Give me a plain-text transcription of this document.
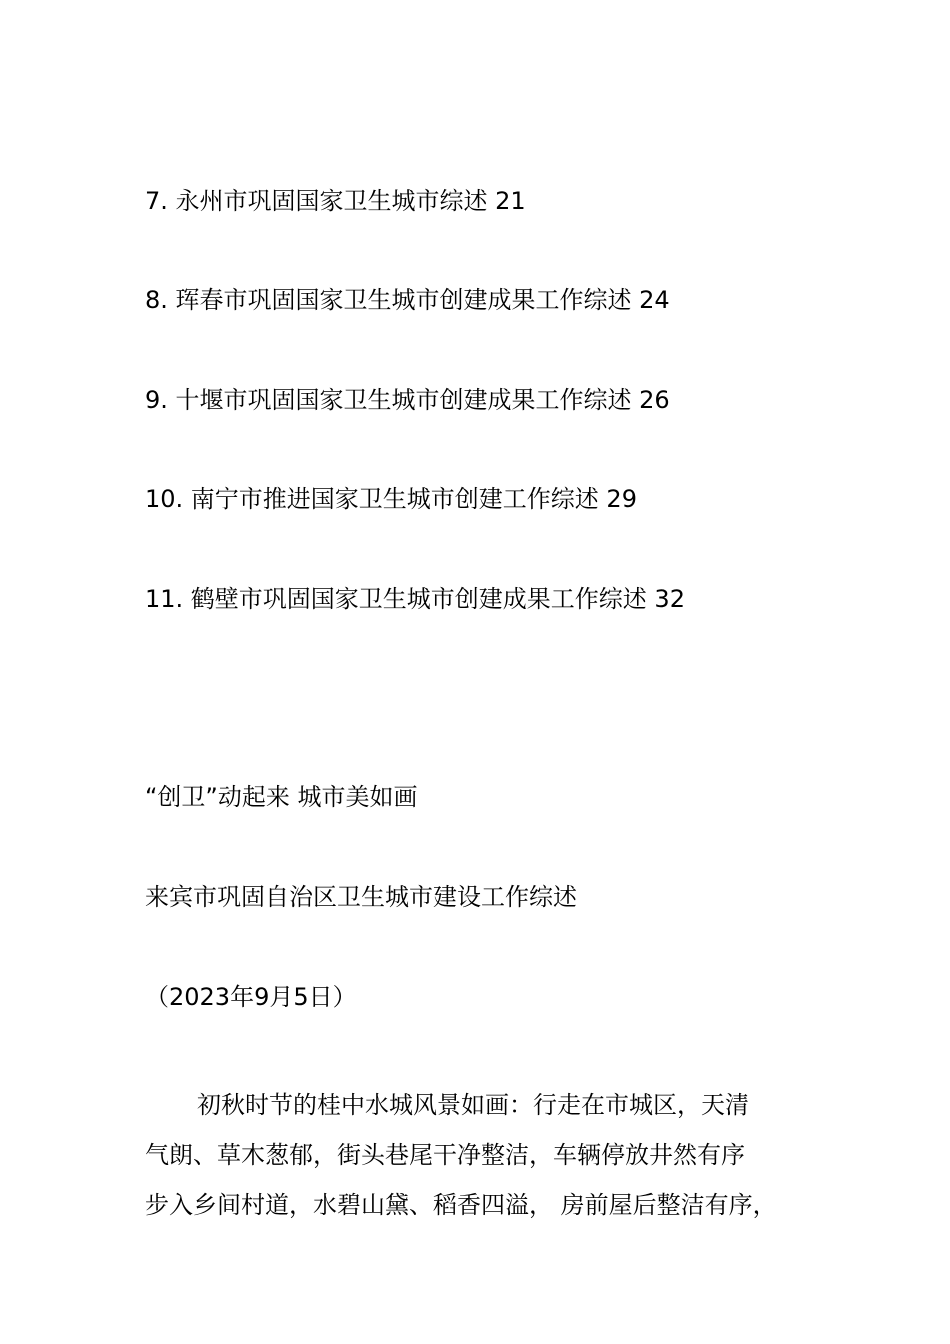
7. 永州市巩固国家卫生城市综述 21
8. 珲春市巩固国家卫生城市创建成果工作综述 24
9. 十堰市巩固国家卫生城市创建成果工作综述 26
10. 南宁市推进国家卫生城市创建工作综述 29
11. 鹤壁市巩固国家卫生城市创建成果工作综述 32
“创卫”动起来 城市美如画
来宾市巩固自治区卫生城市建设工作综述
（2023年9月5日）
初秋时节的桂中水城风景如画：行走在市城区，天清
气朗、草木葱郁，街头巷尾干净整洁，车辆停放井然有序
步入乡间村道，水碧山黛、稻香四溢， 房前屋后整洁有序，
